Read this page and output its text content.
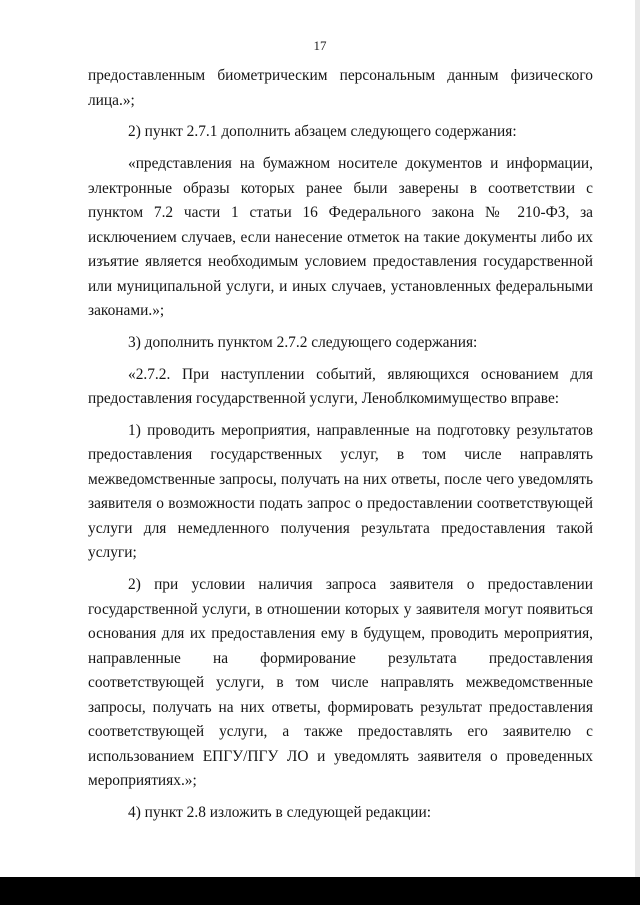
17

предоставленным биометрическим персональным данным физического лица.»;

2) пункт 2.7.1 дополнить абзацем следующего содержания:

«представления на бумажном носителе документов и информации, электронные образы которых ранее были заверены в соответствии с пунктом 7.2 части 1 статьи 16 Федерального закона № 210-ФЗ, за исключением случаев, если нанесение отметок на такие документы либо их изъятие является необходимым условием предоставления государственной или муниципальной услуги, и иных случаев, установленных федеральными законами.»;

3) дополнить пунктом 2.7.2 следующего содержания:

«2.7.2. При наступлении событий, являющихся основанием для предоставления государственной услуги, Леноблкомимущество вправе:

1) проводить мероприятия, направленные на подготовку результатов предоставления государственных услуг, в том числе направлять межведомственные запросы, получать на них ответы, после чего уведомлять заявителя о возможности подать запрос о предоставлении соответствующей услуги для немедленного получения результата предоставления такой услуги;

2) при условии наличия запроса заявителя о предоставлении государственной услуги, в отношении которых у заявителя могут появиться основания для их предоставления ему в будущем, проводить мероприятия, направленные на формирование результата предоставления соответствующей услуги, в том числе направлять межведомственные запросы, получать на них ответы, формировать результат предоставления соответствующей услуги, а также предоставлять его заявителю с использованием ЕПГУ/ПГУ ЛО и уведомлять заявителя о проведенных мероприятиях.»;

4) пункт 2.8 изложить в следующей редакции:
